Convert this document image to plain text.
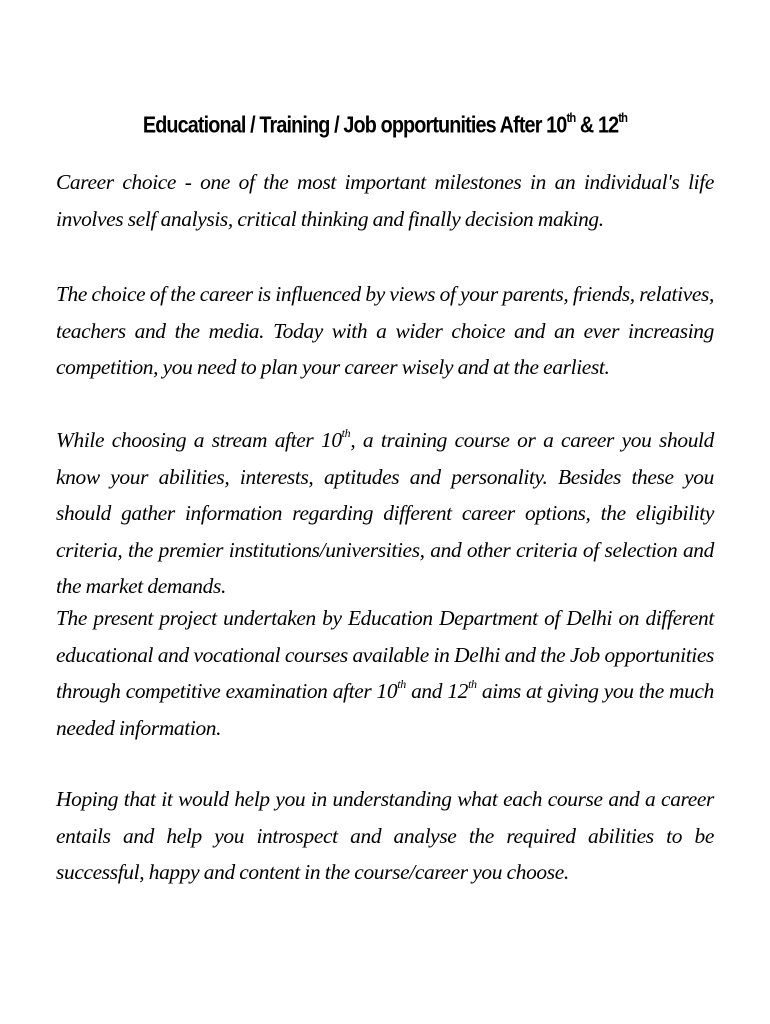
Educational / Training / Job opportunities After 10th & 12th

Career choice - one of the most important milestones in an individual's life involves self analysis, critical thinking and finally decision making.

The choice of the career is influenced by views of your parents, friends, relatives, teachers and the media. Today with a wider choice and an ever increasing competition, you need to plan your career wisely and at the earliest.

While choosing a stream after 10th, a training course or a career you should know your abilities, interests, aptitudes and personality. Besides these you should gather information regarding different career options, the eligibility criteria, the premier institutions/universities, and other criteria of selection and the market demands.

The present project undertaken by Education Department of Delhi on different educational and vocational courses available in Delhi and the Job opportunities through competitive examination after 10th and 12th aims at giving you the much needed information.

Hoping that it would help you in understanding what each course and a career entails and help you introspect and analyse the required abilities to be successful, happy and content in the course/career you choose.
